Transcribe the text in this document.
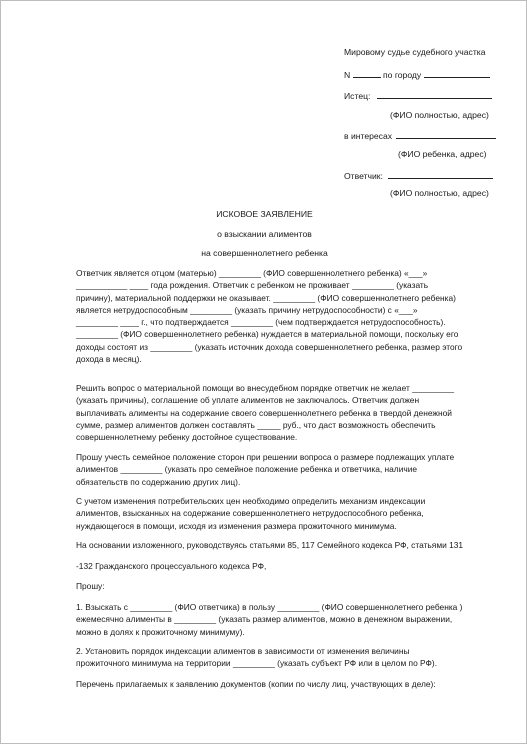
Мировому судье судебного участка
N	по городу
Истец:
(ФИО полностью, адрес)
в интересах
(ФИО ребенка, адрес)
Ответчик:
(ФИО полностью, адрес)
ИСКОВОЕ ЗАЯВЛЕНИЕ
о взыскании алиментов
на совершеннолетнего ребенка
Ответчик является отцом (матерью) _________ (ФИО совершеннолетнего ребенка) «___»
___________ ____ года рождения. Ответчик с ребенком не проживает _________ (указать
причину), материальной поддержки не оказывает. _________ (ФИО совершеннолетнего ребенка)
является нетрудоспособным _________ (указать причину нетрудоспособности) с «___»
_________ ____ г., что подтверждается _________ (чем подтверждается нетрудоспособность).
_________ (ФИО совершеннолетнего ребенка) нуждается в материальной помощи, поскольку его
доходы состоят из _________ (указать источник дохода совершеннолетнего ребенка, размер этого
дохода в месяц).
Решить вопрос о материальной помощи во внесудебном порядке ответчик не желает _________
(указать причины), соглашение об уплате алиментов не заключалось. Ответчик должен
выплачивать алименты на содержание своего совершеннолетнего ребенка в твердой денежной
сумме, размер алиментов должен составлять _____ руб., что даст возможность обеспечить
совершеннолетнему ребенку достойное существование.
Прошу учесть семейное положение сторон при решении вопроса о размере подлежащих уплате
алиментов _________ (указать про семейное положение ребенка и ответчика, наличие
обязательств по содержанию других лиц).
С учетом изменения потребительских цен необходимо определить механизм индексации
алиментов, взысканных на содержание совершеннолетнего нетрудоспособного ребенка,
нуждающегося в помощи, исходя из изменения размера прожиточного минимума.
На основании изложенного, руководствуясь статьями 85, 117 Семейного кодекса РФ, статьями 131
-132 Гражданского процессуального кодекса РФ,
Прошу:
1. Взыскать с _________ (ФИО ответчика) в пользу _________ (ФИО совершеннолетнего ребенка )
ежемесячно алименты в _________ (указать размер алиментов, можно в денежном выражении,
можно в долях к прожиточному минимуму).
2. Установить порядок индексации алиментов в зависимости от изменения величины
прожиточного минимума на территории _________ (указать субъект РФ или в целом по РФ).
Перечень прилагаемых к заявлению документов (копии по числу лиц, участвующих в деле):
